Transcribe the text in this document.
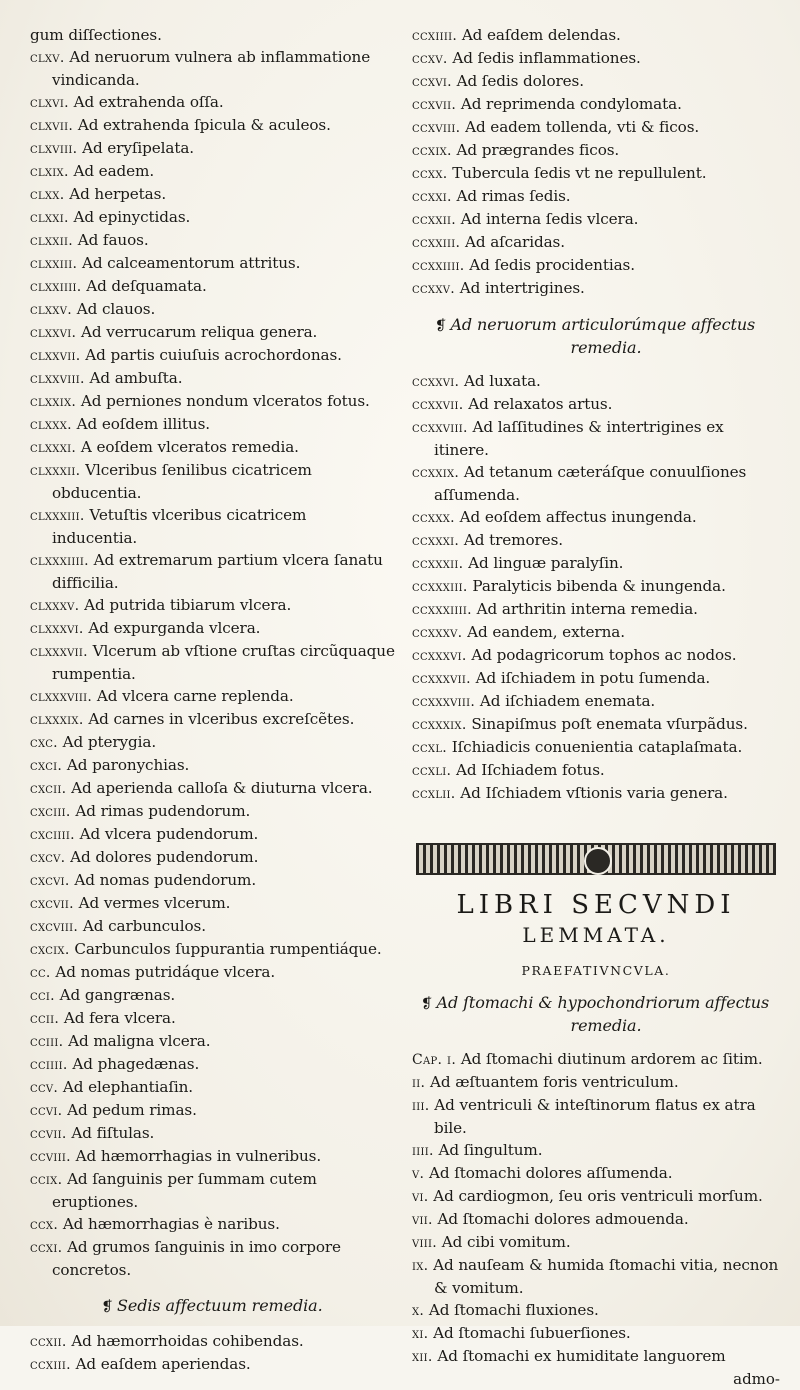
gum diſſectiones.

clxv. Ad neruorum vulnera ab inflammatione vindicanda.

clxvi. Ad extrahenda oſſa.

clxvii. Ad extrahenda ſpicula & aculeos.

clxviii. Ad eryſipelata.

clxix. Ad eadem.

clxx. Ad herpetas.

clxxi. Ad epinyctidas.

clxxii. Ad fauos.

clxxiii. Ad calceamentorum attritus.

clxxiiii. Ad deſquamata.

clxxv. Ad clauos.

clxxvi. Ad verrucarum reliqua genera.

clxxvii. Ad partis cuiuſuis acrochordonas.

clxxviii. Ad ambuſta.

clxxix. Ad perniones nondum vlceratos fotus.

clxxx. Ad eoſdem illitus.

clxxxi. A eoſdem vlceratos remedia.

clxxxii. Vlceribus ſenilibus cicatricem obducentia.

clxxxiii. Vetuſtis vlceribus cicatricem inducentia.

clxxxiiii. Ad extremarum partium vlcera ſanatu difficilia.

clxxxv. Ad putrida tibiarum vlcera.

clxxxvi. Ad expurganda vlcera.

clxxxvii. Vlcerum ab vſtione cruſtas circũquaque rumpentia.

clxxxviii. Ad vlcera carne replenda.

clxxxix. Ad carnes in vlceribus excreſcẽtes.

cxc. Ad pterygia.

cxci. Ad paronychias.

cxcii. Ad aperienda calloſa & diuturna vlcera.

cxciii. Ad rimas pudendorum.

cxciiii. Ad vlcera pudendorum.

cxcv. Ad dolores pudendorum.

cxcvi. Ad nomas pudendorum.

cxcvii. Ad vermes vlcerum.

cxcviii. Ad carbunculos.

cxcix. Carbunculos ſuppurantia rumpentiáque.

cc. Ad nomas putridáque vlcera.

cci. Ad gangrænas.

ccii. Ad fera vlcera.

cciii. Ad maligna vlcera.

cciiii. Ad phagedænas.

ccv. Ad elephantiaſin.

ccvi. Ad pedum rimas.

ccvii. Ad fiſtulas.

ccviii. Ad hæmorrhagias in vulneribus.

ccix. Ad ſanguinis per ſummam cutem eruptiones.

ccx. Ad hæmorrhagias è naribus.

ccxi. Ad grumos ſanguinis in imo corpore concretos.

❡ Sedis affectuum remedia.

ccxii. Ad hæmorrhoidas cohibendas.

ccxiii. Ad eaſdem aperiendas.

ccxiiii. Ad eaſdem delendas.

ccxv. Ad ſedis inflammationes.

ccxvi. Ad ſedis dolores.

ccxvii. Ad reprimenda condylomata.

ccxviii. Ad eadem tollenda, vti & ficos.

ccxix. Ad prægrandes ficos.

ccxx. Tubercula ſedis vt ne repullulent.

ccxxi. Ad rimas ſedis.

ccxxii. Ad interna ſedis vlcera.

ccxxiii. Ad aſcaridas.

ccxxiiii. Ad ſedis procidentias.

ccxxv. Ad intertrigines.

❡ Ad neruorum articulorúmque affectus remedia.

ccxxvi. Ad luxata.

ccxxvii. Ad relaxatos artus.

ccxxviii. Ad laſſitudines & intertrigines ex itinere.

ccxxix. Ad tetanum cæteráſque conuulſiones aſſumenda.

ccxxx. Ad eoſdem affectus inungenda.

ccxxxi. Ad tremores.

ccxxxii. Ad linguæ paralyſin.

ccxxxiii. Paralyticis bibenda & inungenda.

ccxxxiiii. Ad arthritin interna remedia.

ccxxxv. Ad eandem, externa.

ccxxxvi. Ad podagricorum tophos ac nodos.

ccxxxvii. Ad iſchiadem in potu ſumenda.

ccxxxviii. Ad iſchiadem enemata.

ccxxxix. Sinapiſmus poſt enemata vſurpãdus.

ccxl. Iſchiadicis conuenientia cataplaſmata.

ccxli. Ad Iſchiadem fotus.

ccxlii. Ad Iſchiadem vſtionis varia genera.

LIBRI SECVNDI
LEMMATA.
PRAEFATIVNCVLA.

❡ Ad ſtomachi & hypochondriorum affectus remedia.

Cap. i. Ad ſtomachi diutinum ardorem ac ſitim.

ii. Ad æſtuantem foris ventriculum.

iii. Ad ventriculi & inteſtinorum flatus ex atra bile.

iiii. Ad ſingultum.

v. Ad ſtomachi dolores aſſumenda.

vi. Ad cardiogmon, ſeu oris ventriculi morſum.

vii. Ad ſtomachi dolores admouenda.

viii. Ad cibi vomitum.

ix. Ad nauſeam & humida ſtomachi vitia, necnon & vomitum.

x. Ad ſtomachi fluxiones.

xi. Ad ſtomachi ſubuerſiones.

xii. Ad ſtomachi ex humiditate languorem

admo-
